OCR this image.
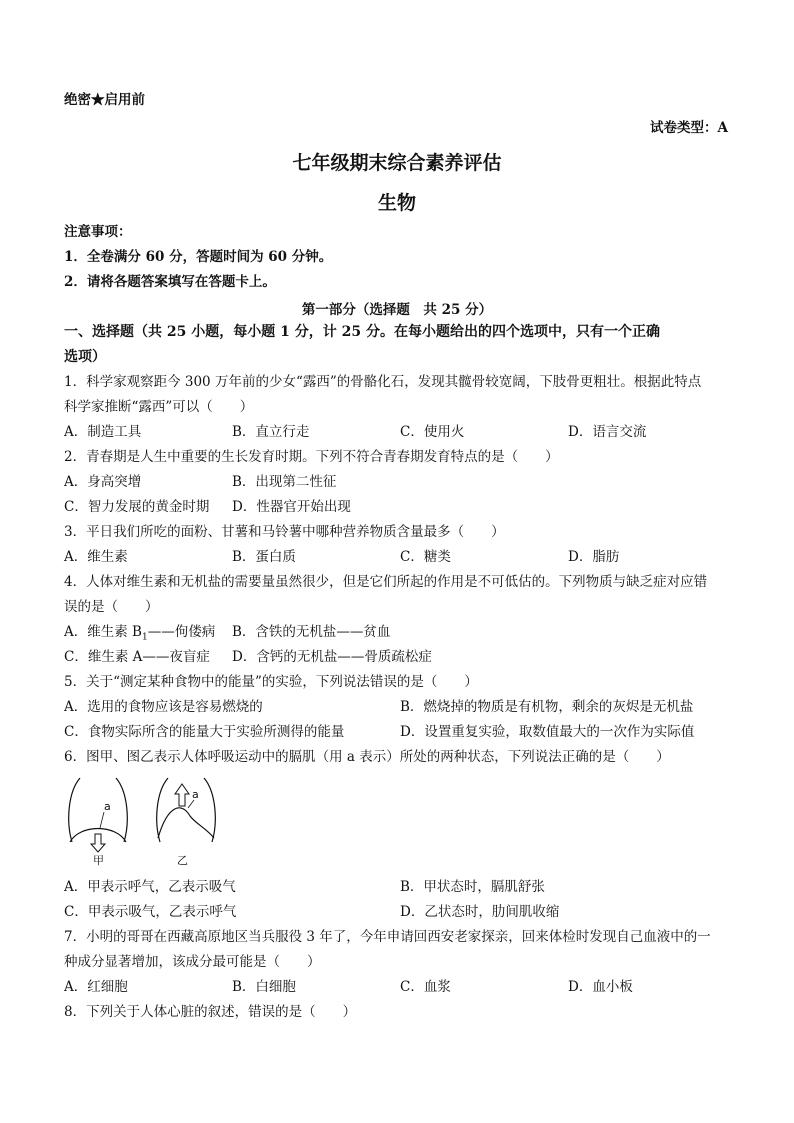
绝密★启用前
试卷类型：A
七年级期末综合素养评估
生物
注意事项：
1．全卷满分 60 分，答题时间为 60 分钟。
2．请将各题答案填写在答题卡上。
第一部分（选择题　共 25 分）
一、选择题（共 25 小题，每小题 1 分，计 25 分。在每小题给出的四个选项中，只有一个正确
选项）
1．科学家观察距今 300 万年前的少女“露西”的骨骼化石，发现其髋骨较宽阔，下肢骨更粗壮。根据此特点
科学家推断“露西”可以（　　）
A．制造工具	B．直立行走	C．使用火	D．语言交流
2．青春期是人生中重要的生长发育时期。下列不符合青春期发育特点的是（　　）
A．身高突增	B．出现第二性征
C．智力发展的黄金时期 D．性器官开始出现
3．平日我们所吃的面粉、甘薯和马铃薯中哪种营养物质含量最多（　　）
A．维生素	B．蛋白质	C．糖类	D．脂肪
4．人体对维生素和无机盐的需要量虽然很少，但是它们所起的作用是不可低估的。下列物质与缺乏症对应错
误的是（　　）
A．维生素 $B_1——$佝偻病 B．含铁的无机盐——贫血
C．维生素 A——夜盲症 D．含钙的无机盐——骨质疏松症
5．关于“测定某种食物中的能量”的实验，下列说法错误的是（　　）
A．选用的食物应该是容易燃烧的	B．燃烧掉的物质是有机物，剩余的灰烬是无机盐
C．食物实际所含的能量大于实验所测得的能量	D．设置重复实验，取数值最大的一次作为实际值
6．图甲、图乙表示人体呼吸运动中的膈肌（用 a 表示）所处的两种状态，下列说法正确的是（　　）
a
甲
a
乙
A．甲表示呼气，乙表示吸气	B．甲状态时，膈肌舒张
C．甲表示吸气，乙表示呼气	D．乙状态时，肋间肌收缩
7．小明的哥哥在西藏高原地区当兵服役 3 年了，今年申请回西安老家探亲，回来体检时发现自己血液中的一
种成分显著增加，该成分最可能是（　　）
A．红细胞	B．白细胞	C．血浆	D．血小板
8．下列关于人体心脏的叙述，错误的是（　　）
